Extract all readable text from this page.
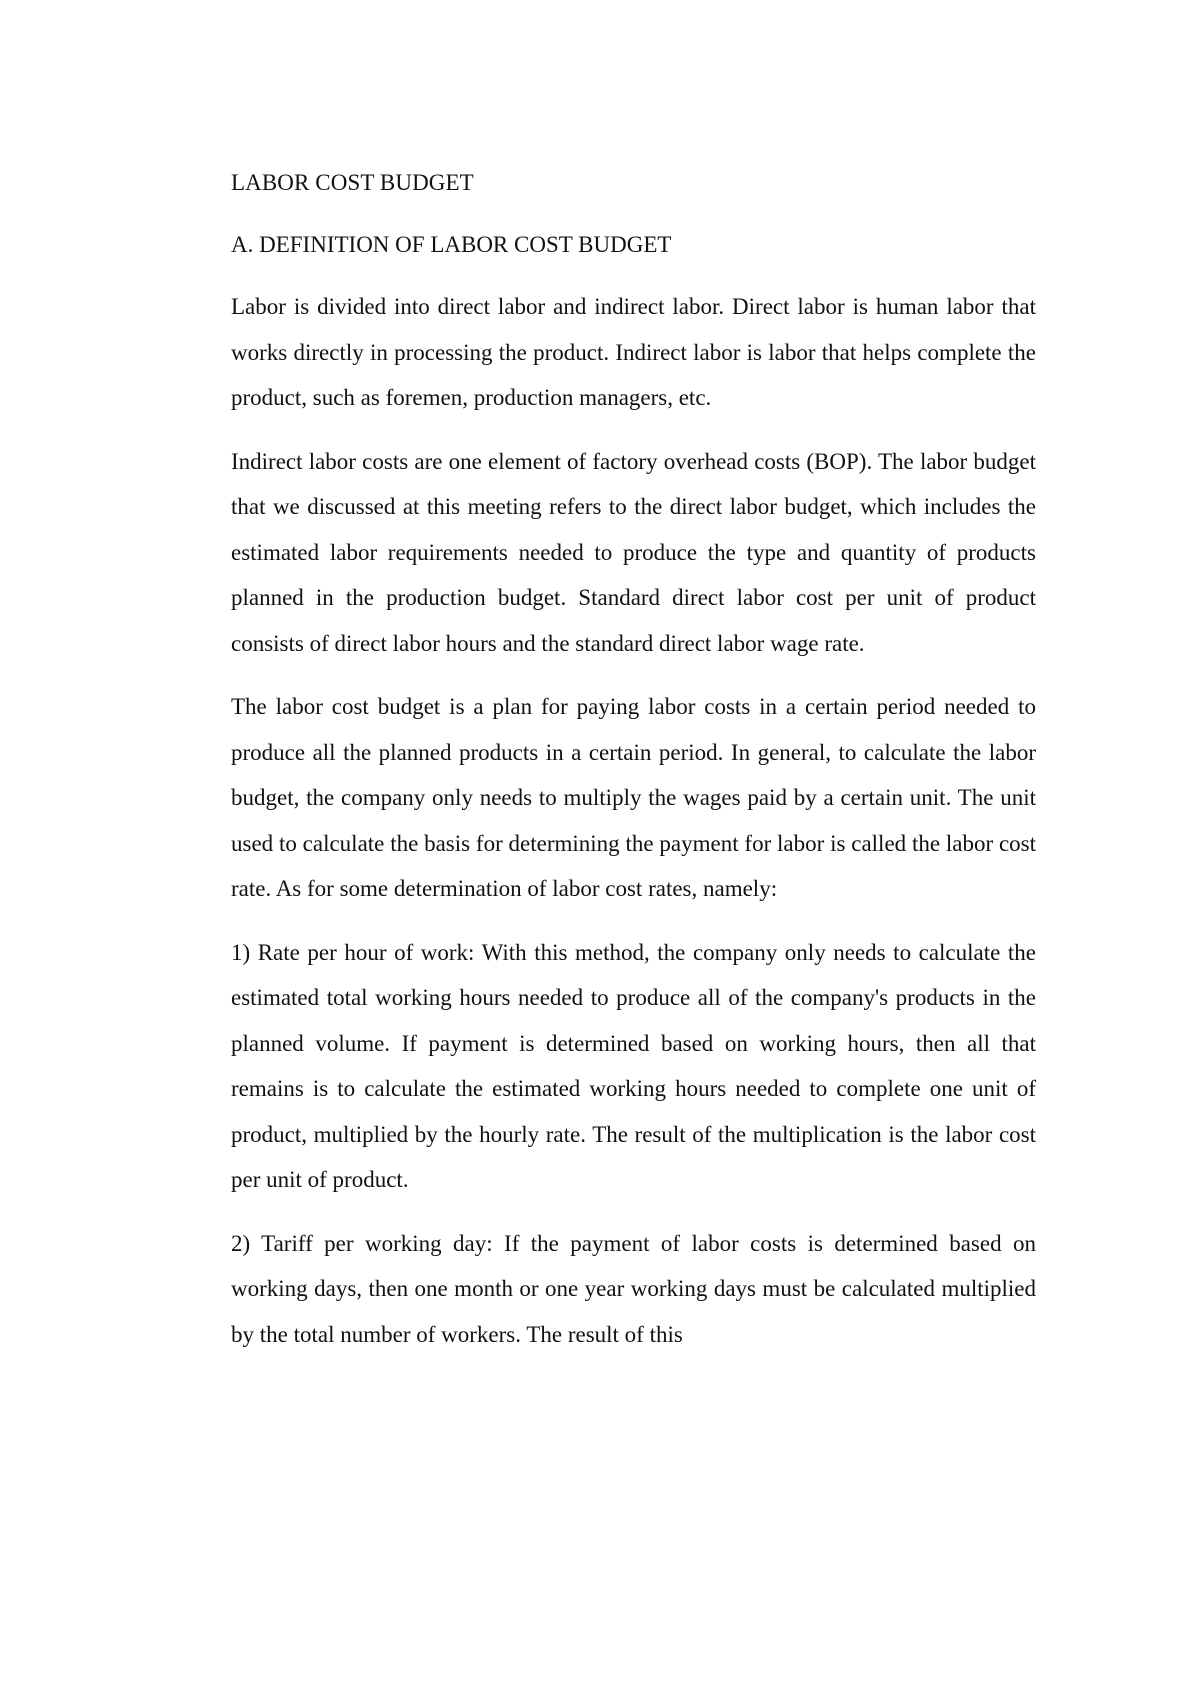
LABOR COST BUDGET
A. DEFINITION OF LABOR COST BUDGET

Labor is divided into direct labor and indirect labor. Direct labor is human labor that works directly in processing the product. Indirect labor is labor that helps complete the product, such as foremen, production managers, etc.

Indirect labor costs are one element of factory overhead costs (BOP). The labor budget that we discussed at this meeting refers to the direct labor budget, which includes the estimated labor requirements needed to produce the type and quantity of products planned in the production budget. Standard direct labor cost per unit of product consists of direct labor hours and the standard direct labor wage rate.

The labor cost budget is a plan for paying labor costs in a certain period needed to produce all the planned products in a certain period. In general, to calculate the labor budget, the company only needs to multiply the wages paid by a certain unit. The unit used to calculate the basis for determining the payment for labor is called the labor cost rate. As for some determination of labor cost rates, namely:

1) Rate per hour of work: With this method, the company only needs to calculate the estimated total working hours needed to produce all of the company's products in the planned volume. If payment is determined based on working hours, then all that remains is to calculate the estimated working hours needed to complete one unit of product, multiplied by the hourly rate. The result of the multiplication is the labor cost per unit of product.

2) Tariff per working day: If the payment of labor costs is determined based on working days, then one month or one year working days must be calculated multiplied by the total number of workers. The result of this
